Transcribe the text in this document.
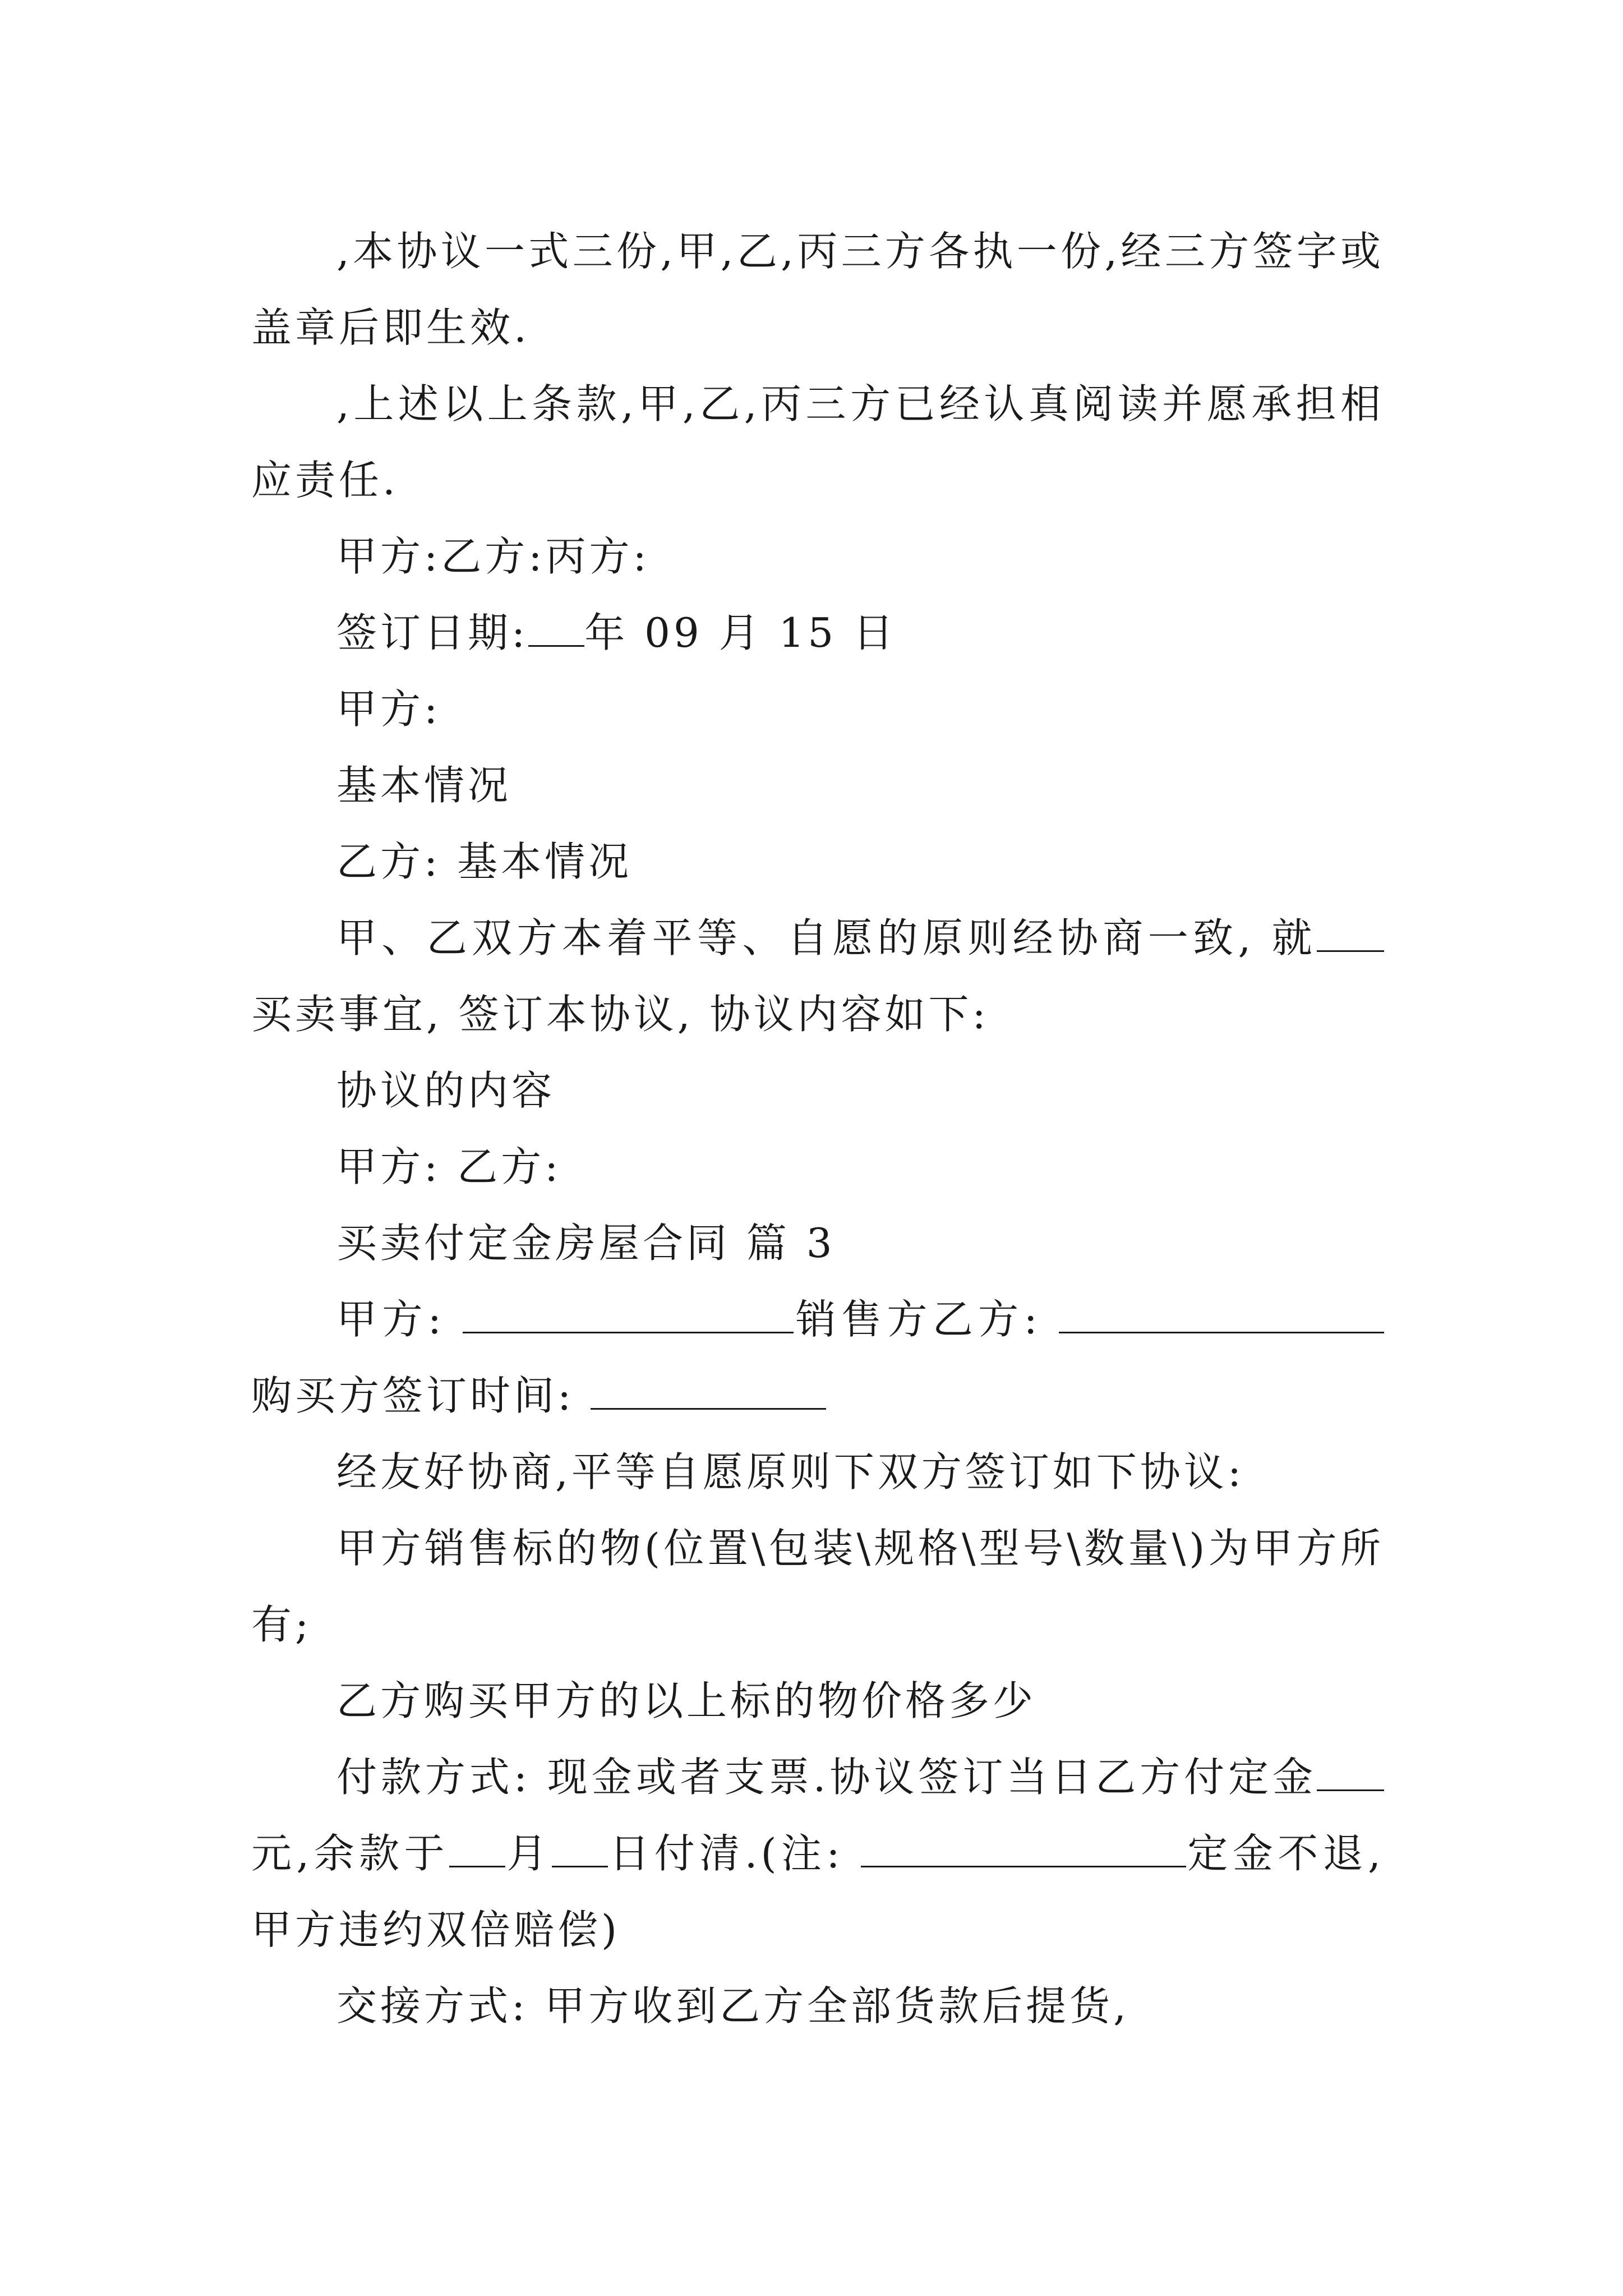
,本协议一式三份,甲,乙,丙三方各执一份,经三方签字或盖章后即生效.

,上述以上条款,甲,乙,丙三方已经认真阅读并愿承担相应责任.

甲方:乙方:丙方:

签订日期: 年 09 月 15 日

甲方:

基本情况

乙方: 基本情况

甲、乙双方本着平等、自愿的原则经协商一致, 就买卖事宜, 签订本协议, 协议内容如下:

协议的内容

甲方: 乙方:

买卖付定金房屋合同 篇 3

甲方:	销售方乙方: 购买方签订时间:

经友好协商,平等自愿原则下双方签订如下协议:

甲方销售标的物(位置\包装\规格\型号\数量\)为甲方所有;

乙方购买甲方的以上标的物价格多少

付款方式: 现金或者支票.协议签订当日乙方付定金元,余款于 月 日付清.(注:	定金不退,甲方违约双倍赔偿)

交接方式: 甲方收到乙方全部货款后提货,
